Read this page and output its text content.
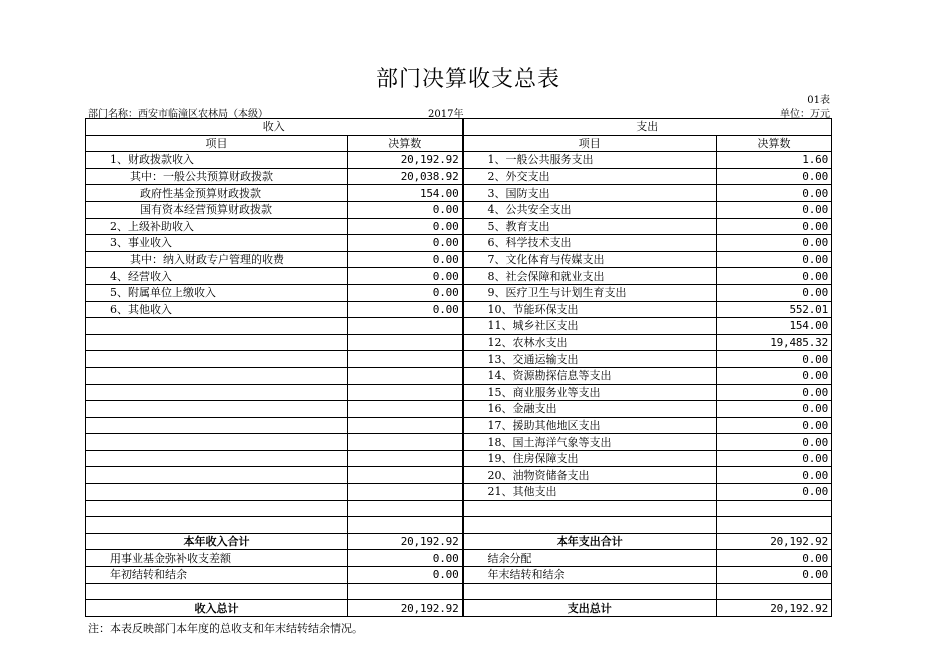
部门决算收支总表
01表
部门名称：西安市临潼区农林局（本级）	2017年	单位：万元
收入		支出	
项目	决算数	项目	决算数
1、财政拨款收入	20,192.92	1、一般公共服务支出	1.60
其中：一般公共预算财政拨款	20,038.92	2、外交支出	0.00
政府性基金预算财政拨款	154.00	3、国防支出	0.00
国有资本经营预算财政拨款	0.00	4、公共安全支出	0.00
2、上级补助收入	0.00	5、教育支出	0.00
3、事业收入	0.00	6、科学技术支出	0.00
其中：纳入财政专户管理的收费	0.00	7、文化体育与传媒支出	0.00
4、经营收入	0.00	8、社会保障和就业支出	0.00
5、附属单位上缴收入	0.00	9、医疗卫生与计划生育支出	0.00
6、其他收入	0.00	10、节能环保支出	552.01
		11、城乡社区支出	154.00
		12、农林水支出	19,485.32
		13、交通运输支出	0.00
		14、资源勘探信息等支出	0.00
		15、商业服务业等支出	0.00
		16、金融支出	0.00
		17、援助其他地区支出	0.00
		18、国土海洋气象等支出	0.00
		19、住房保障支出	0.00
		20、油物资储备支出	0.00
		21、其他支出	0.00

本年收入合计	20,192.92	本年支出合计	20,192.92
用事业基金弥补收支差额	0.00	结余分配	0.00
年初结转和结余	0.00	年末结转和结余	0.00

收入总计	20,192.92	支出总计	20,192.92
注：本表反映部门本年度的总收支和年末结转结余情况。
